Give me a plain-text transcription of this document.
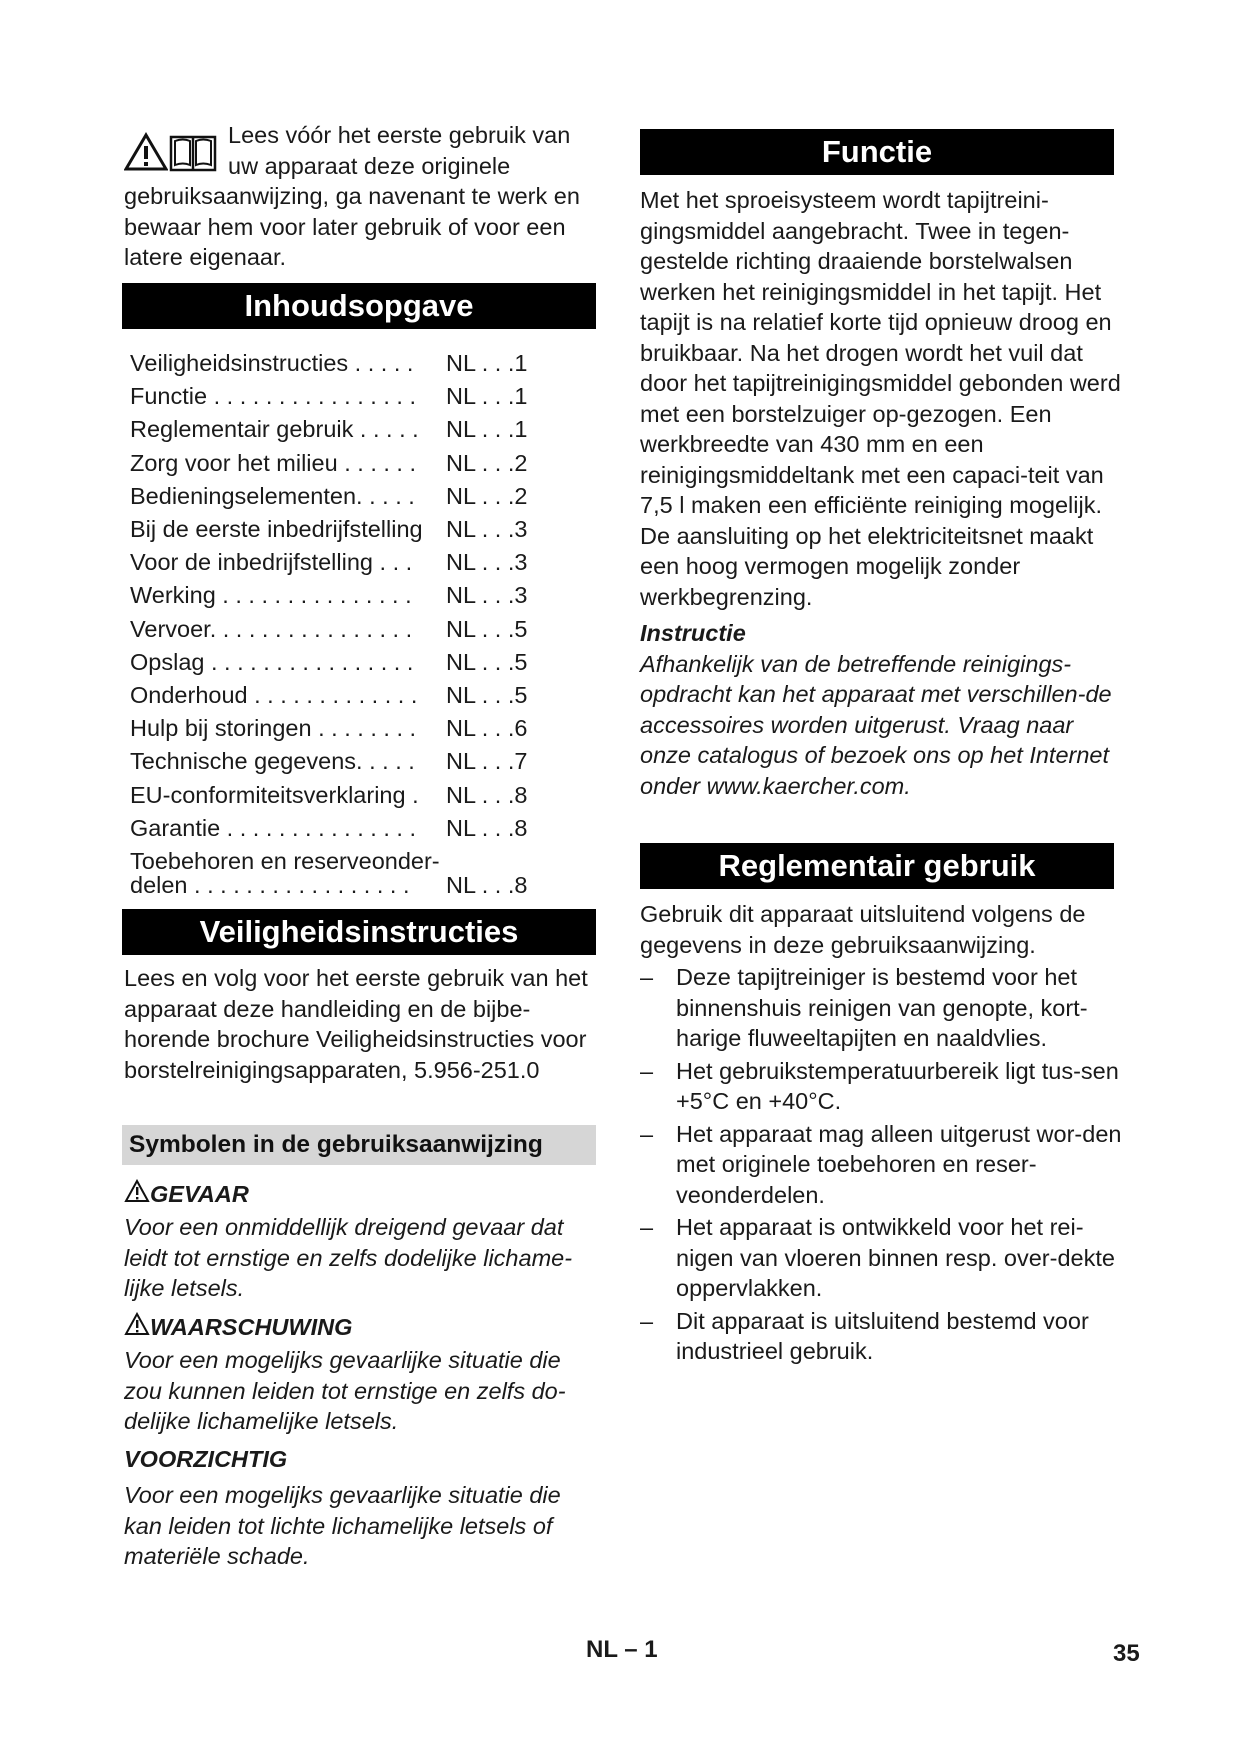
Lees vóór het eerste gebruik van uw apparaat deze originele gebruiksaanwijzing, ga navenant te werk en bewaar hem voor later gebruik of voor een latere eigenaar.

Inhoudsopgave
Veiligheidsinstructies . . . . . NL . . .1
Functie . . . . . . . . . . . . . . . . NL . . .1
Reglementair gebruik . . . . . NL . . .1
Zorg voor het milieu . . . . . . NL . . .2
Bedieningselementen. . . . . NL . . .2
Bij de eerste inbedrijfstelling NL . . .3
Voor de inbedrijfstelling . . . NL . . .3
Werking . . . . . . . . . . . . . . . NL . . .3
Vervoer. . . . . . . . . . . . . . . . NL . . .5
Opslag . . . . . . . . . . . . . . . . NL . . .5
Onderhoud . . . . . . . . . . . . . NL . . .5
Hulp bij storingen . . . . . . . . NL . . .6
Technische gegevens. . . . . NL . . .7
EU-conformiteitsverklaring . NL . . .8
Garantie . . . . . . . . . . . . . . . NL . . .8
Toebehoren en reserveonder-
delen . . . . . . . . . . . . . . . . . NL . . .8
Veiligheidsinstructies

Lees en volg voor het eerste gebruik van het apparaat deze handleiding en de bijbe-horende brochure Veiligheidsinstructies voor borstelreinigingsapparaten, 5.956-251.0

Symbolen in de gebruiksaanwijzing
GEVAAR

Voor een onmiddellijk dreigend gevaar dat leidt tot ernstige en zelfs dodelijke lichame-lijke letsels.

WAARSCHUWING

Voor een mogelijks gevaarlijke situatie die zou kunnen leiden tot ernstige en zelfs do-delijke lichamelijke letsels.

VOORZICHTIG

Voor een mogelijks gevaarlijke situatie die kan leiden tot lichte lichamelijke letsels of materiële schade.

Functie

Met het sproeisysteem wordt tapijtreini-gingsmiddel aangebracht. Twee in tegen-gestelde richting draaiende borstelwalsen werken het reinigingsmiddel in het tapijt. Het tapijt is na relatief korte tijd opnieuw droog en bruikbaar. Na het drogen wordt het vuil dat door het tapijtreinigingsmiddel gebonden werd met een borstelzuiger op-gezogen. Een werkbreedte van 430 mm en een reinigingsmiddeltank met een capaci-teit van 7,5 l maken een efficiënte reiniging mogelijk.

De aansluiting op het elektriciteitsnet maakt een hoog vermogen mogelijk zonder werkbegrenzing.

Instructie

Afhankelijk van de betreffende reinigings-opdracht kan het apparaat met verschillen-de accessoires worden uitgerust. Vraag naar onze catalogus of bezoek ons op het Internet onder www.kaercher.com.

Reglementair gebruik

Gebruik dit apparaat uitsluitend volgens de gegevens in deze gebruiksaanwijzing.

– Deze tapijtreiniger is bestemd voor het binnenshuis reinigen van genopte, kort-harige fluweeltapijten en naaldvlies.
– Het gebruikstemperatuurbereik ligt tus-sen +5°C en +40°C.
– Het apparaat mag alleen uitgerust wor-den met originele toebehoren en reser-veonderdelen.
– Het apparaat is ontwikkeld voor het rei-nigen van vloeren binnen resp. over-dekte oppervlakken.
– Dit apparaat is uitsluitend bestemd voor industrieel gebruik.
NL – 1	35
